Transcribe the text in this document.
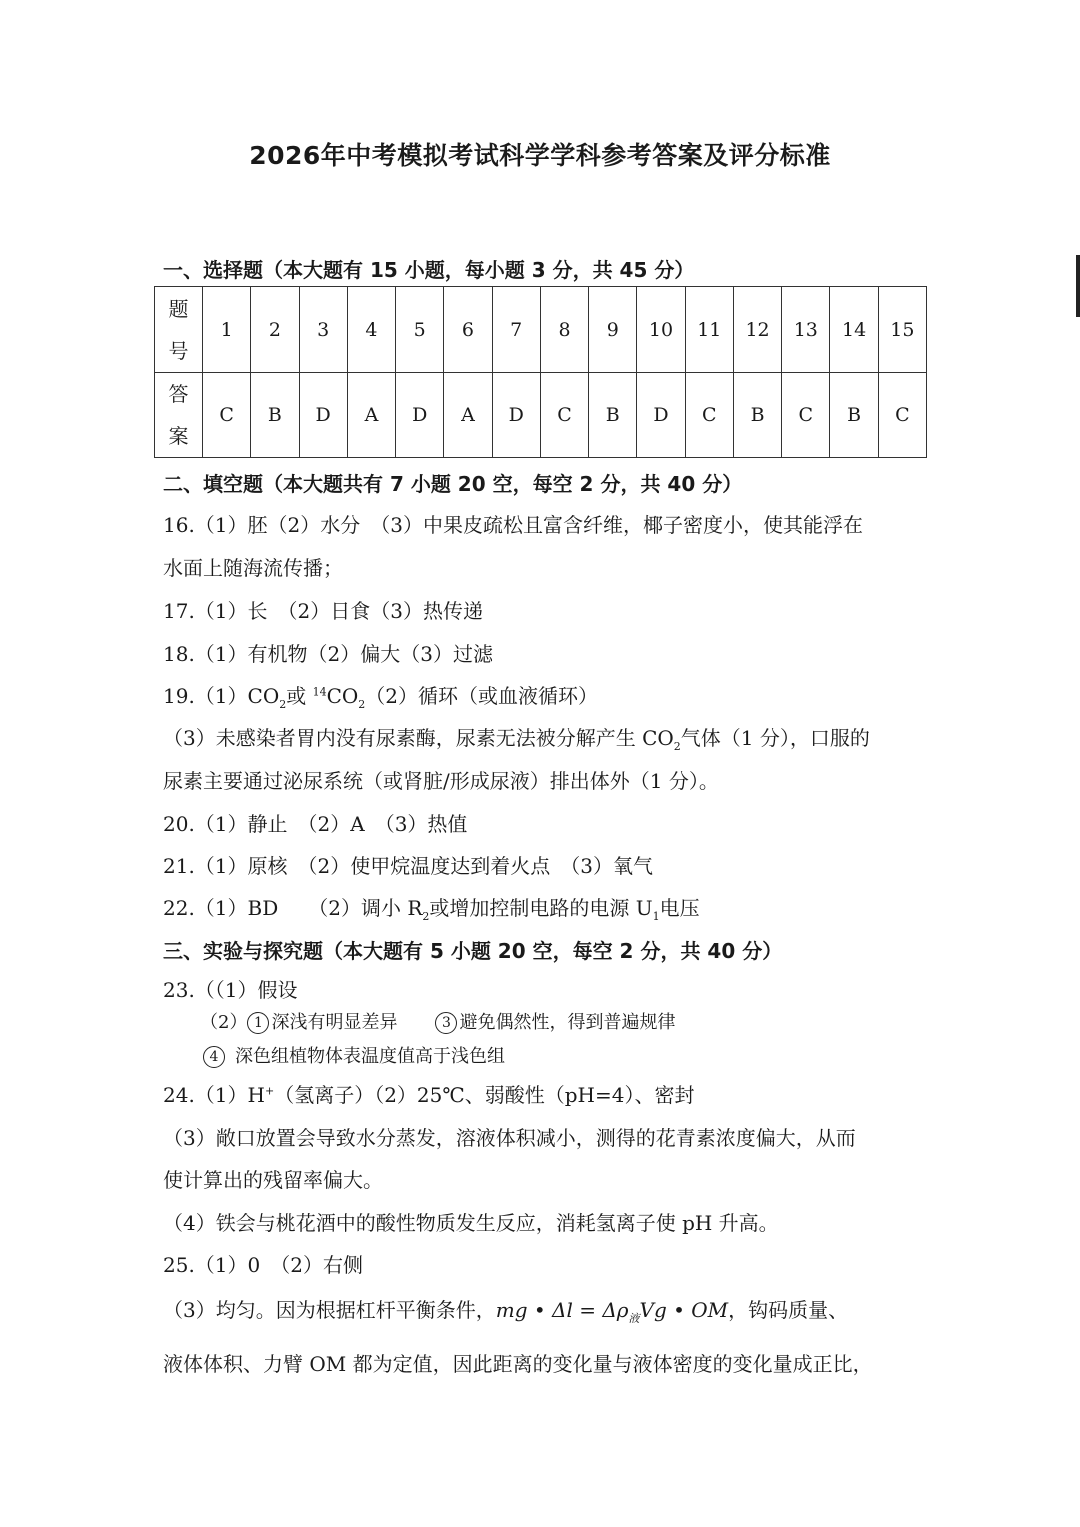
2026年中考模拟考试科学学科参考答案及评分标准
一、选择题（本大题有 15 小题，每小题 3 分，共 45 分）
题
号	1	2	3	4	5	6	7	8	9	10	11	12	13	14	15

答
案	C	B	D	A	D	A	D	C	B	D	C	B	C	B	C
二、填空题（本大题共有 7 小题 20 空，每空 2 分，共 40 分）
16.（1）胚（2）水分　（3）中果皮疏松且富含纤维，椰子密度小，使其能浮在
水面上随海流传播；
17.（1）长　（2）日食（3）热传递
18.（1）有机物（2）偏大（3）过滤
$19.(1)CO_2$或 $^{14}CO_2(2)$循环（或血液循环）
（3）未感染者胃内没有尿素酶，尿素无法被分解产生 $CO_2$气体（1 分），口服的
尿素主要通过泌尿系统（或肾脏/形成尿液）排出体外（1 分）。
20.（1）静止　（2）A　（3）热值
21.（1）原核　（2）使甲烷温度达到着火点　（3）氧气
22.（1）BD　　（2）调小 $R_2$或增加控制电路的电源 $U_1$电压
三、实验与探究题（本大题有 5 小题 20 空，每空 2 分，共 40 分）
23.（（1）假设
（2） 1 深浅有明显差异	3 避免偶然性，得到普遍规律
4 深色组植物体表温度值高于浅色组
24.（1）H+（氢离子）（2）25℃、弱酸性（pH=4）、密封
（3）敞口放置会导致水分蒸发，溶液体积减小，测得的花青素浓度偏大，从而
使计算出的残留率偏大。
（4）铁会与桃花酒中的酸性物质发生反应，消耗氢离子使 pH 升高。
25.（1）0　（2）右侧
（3）均匀。因为根据杠杆平衡条件，mg • $\Delta l = \Delta\rho_液Vg$ • OM，钩码质量、
液体体积、力臂 OM 都为定值，因此距离的变化量与液体密度的变化量成正比，
